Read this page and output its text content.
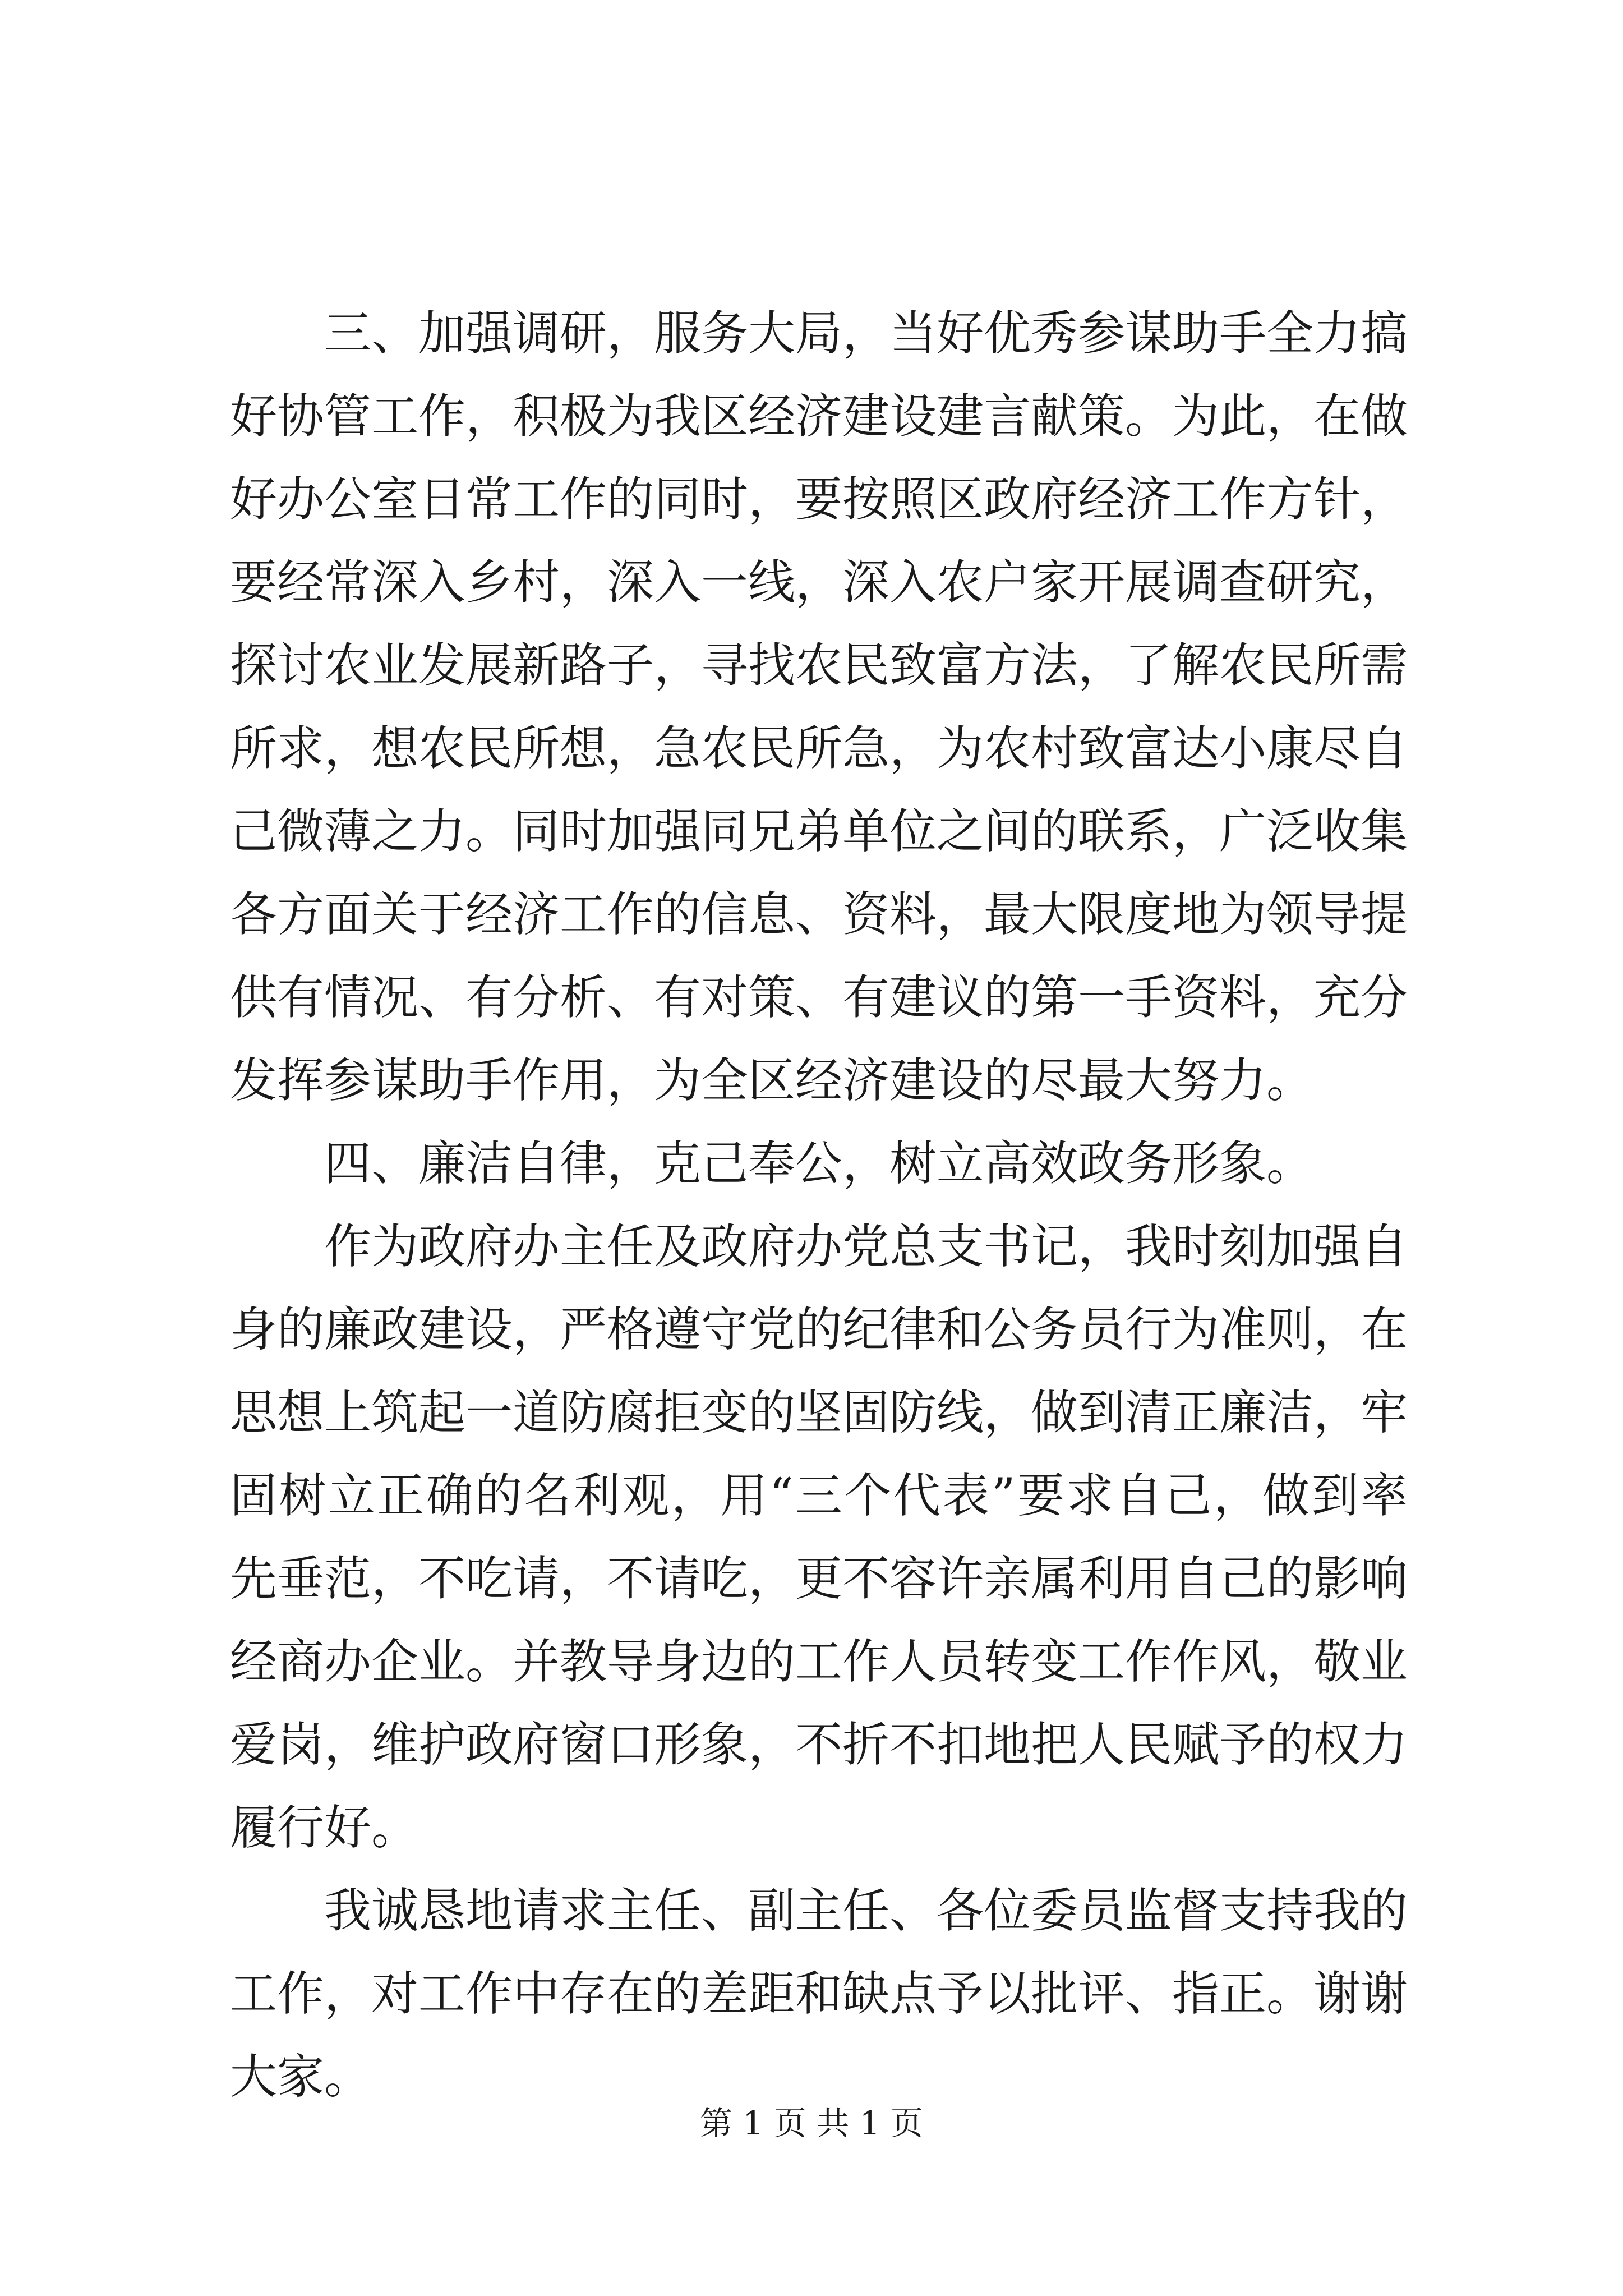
三、加强调研，服务大局，当好优秀参谋助手全力搞好协管工作，积极为我区经济建设建言献策。为此，在做好办公室日常工作的同时，要按照区政府经济工作方针，要经常深入乡村，深入一线，深入农户家开展调查研究，探讨农业发展新路子，寻找农民致富方法，了解农民所需所求，想农民所想，急农民所急，为农村致富达小康尽自己微薄之力。同时加强同兄弟单位之间的联系，广泛收集各方面关于经济工作的信息、资料，最大限度地为领导提供有情况、有分析、有对策、有建议的第一手资料，充分发挥参谋助手作用，为全区经济建设的尽最大努力。

四、廉洁自律，克己奉公，树立高效政务形象。

作为政府办主任及政府办党总支书记，我时刻加强自身的廉政建设，严格遵守党的纪律和公务员行为准则，在思想上筑起一道防腐拒变的坚固防线，做到清正廉洁，牢固树立正确的名利观，用“三个代表”要求自己，做到率先垂范，不吃请，不请吃，更不容许亲属利用自己的影响经商办企业。并教导身边的工作人员转变工作作风，敬业爱岗，维护政府窗口形象，不折不扣地把人民赋予的权力履行好。

我诚恳地请求主任、副主任、各位委员监督支持我的工作，对工作中存在的差距和缺点予以批评、指正。谢谢大家。

第 1 页 共 1 页
